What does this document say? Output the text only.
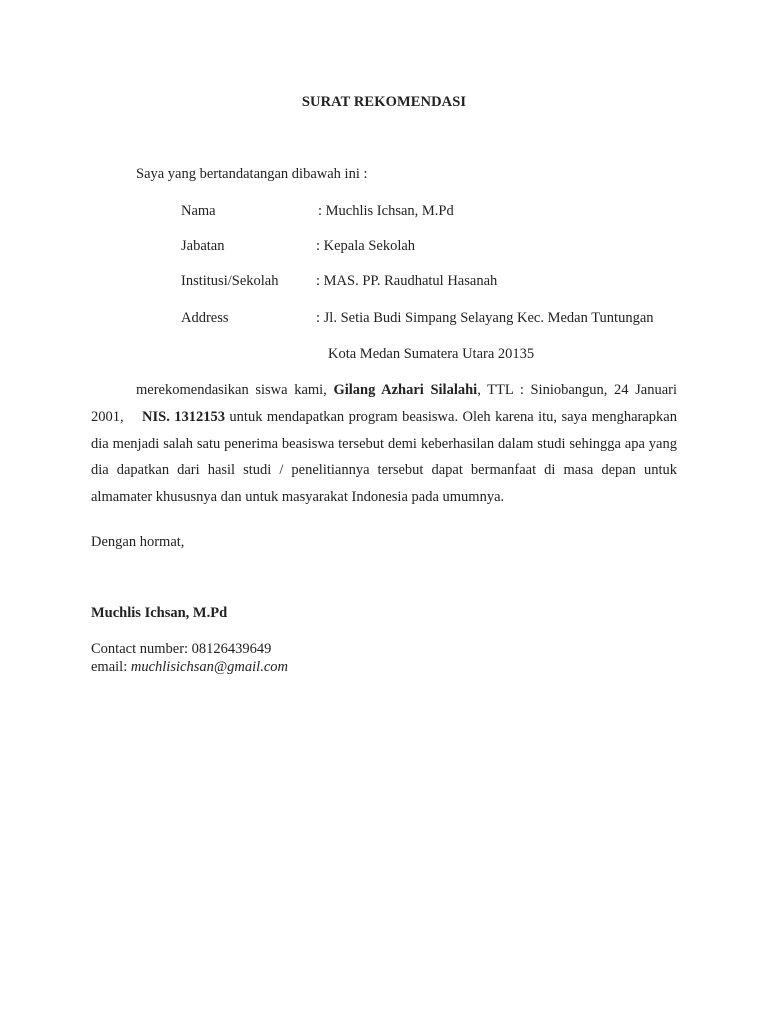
SURAT REKOMENDASI
Saya yang bertandatangan dibawah ini :
Nama	: Muchlis Ichsan, M.Pd
Jabatan	: Kepala Sekolah
Institusi/Sekolah	: MAS. PP. Raudhatul Hasanah
Address	: Jl. Setia Budi Simpang Selayang Kec. Medan Tuntungan
Kota Medan Sumatera Utara 20135
merekomendasikan siswa kami, Gilang Azhari Silalahi, TTL : Siniobangun, 24 Januari 2001, NIS. 1312153 untuk mendapatkan program beasiswa. Oleh karena itu, saya mengharapkan dia menjadi salah satu penerima beasiswa tersebut demi keberhasilan dalam studi sehingga apa yang dia dapatkan dari hasil studi / penelitiannya tersebut dapat bermanfaat di masa depan untuk almamater khususnya dan untuk masyarakat Indonesia pada umumnya.
Dengan hormat,
Muchlis Ichsan, M.Pd
Contact number: 08126439649
email: muchlisichsan@gmail.com
